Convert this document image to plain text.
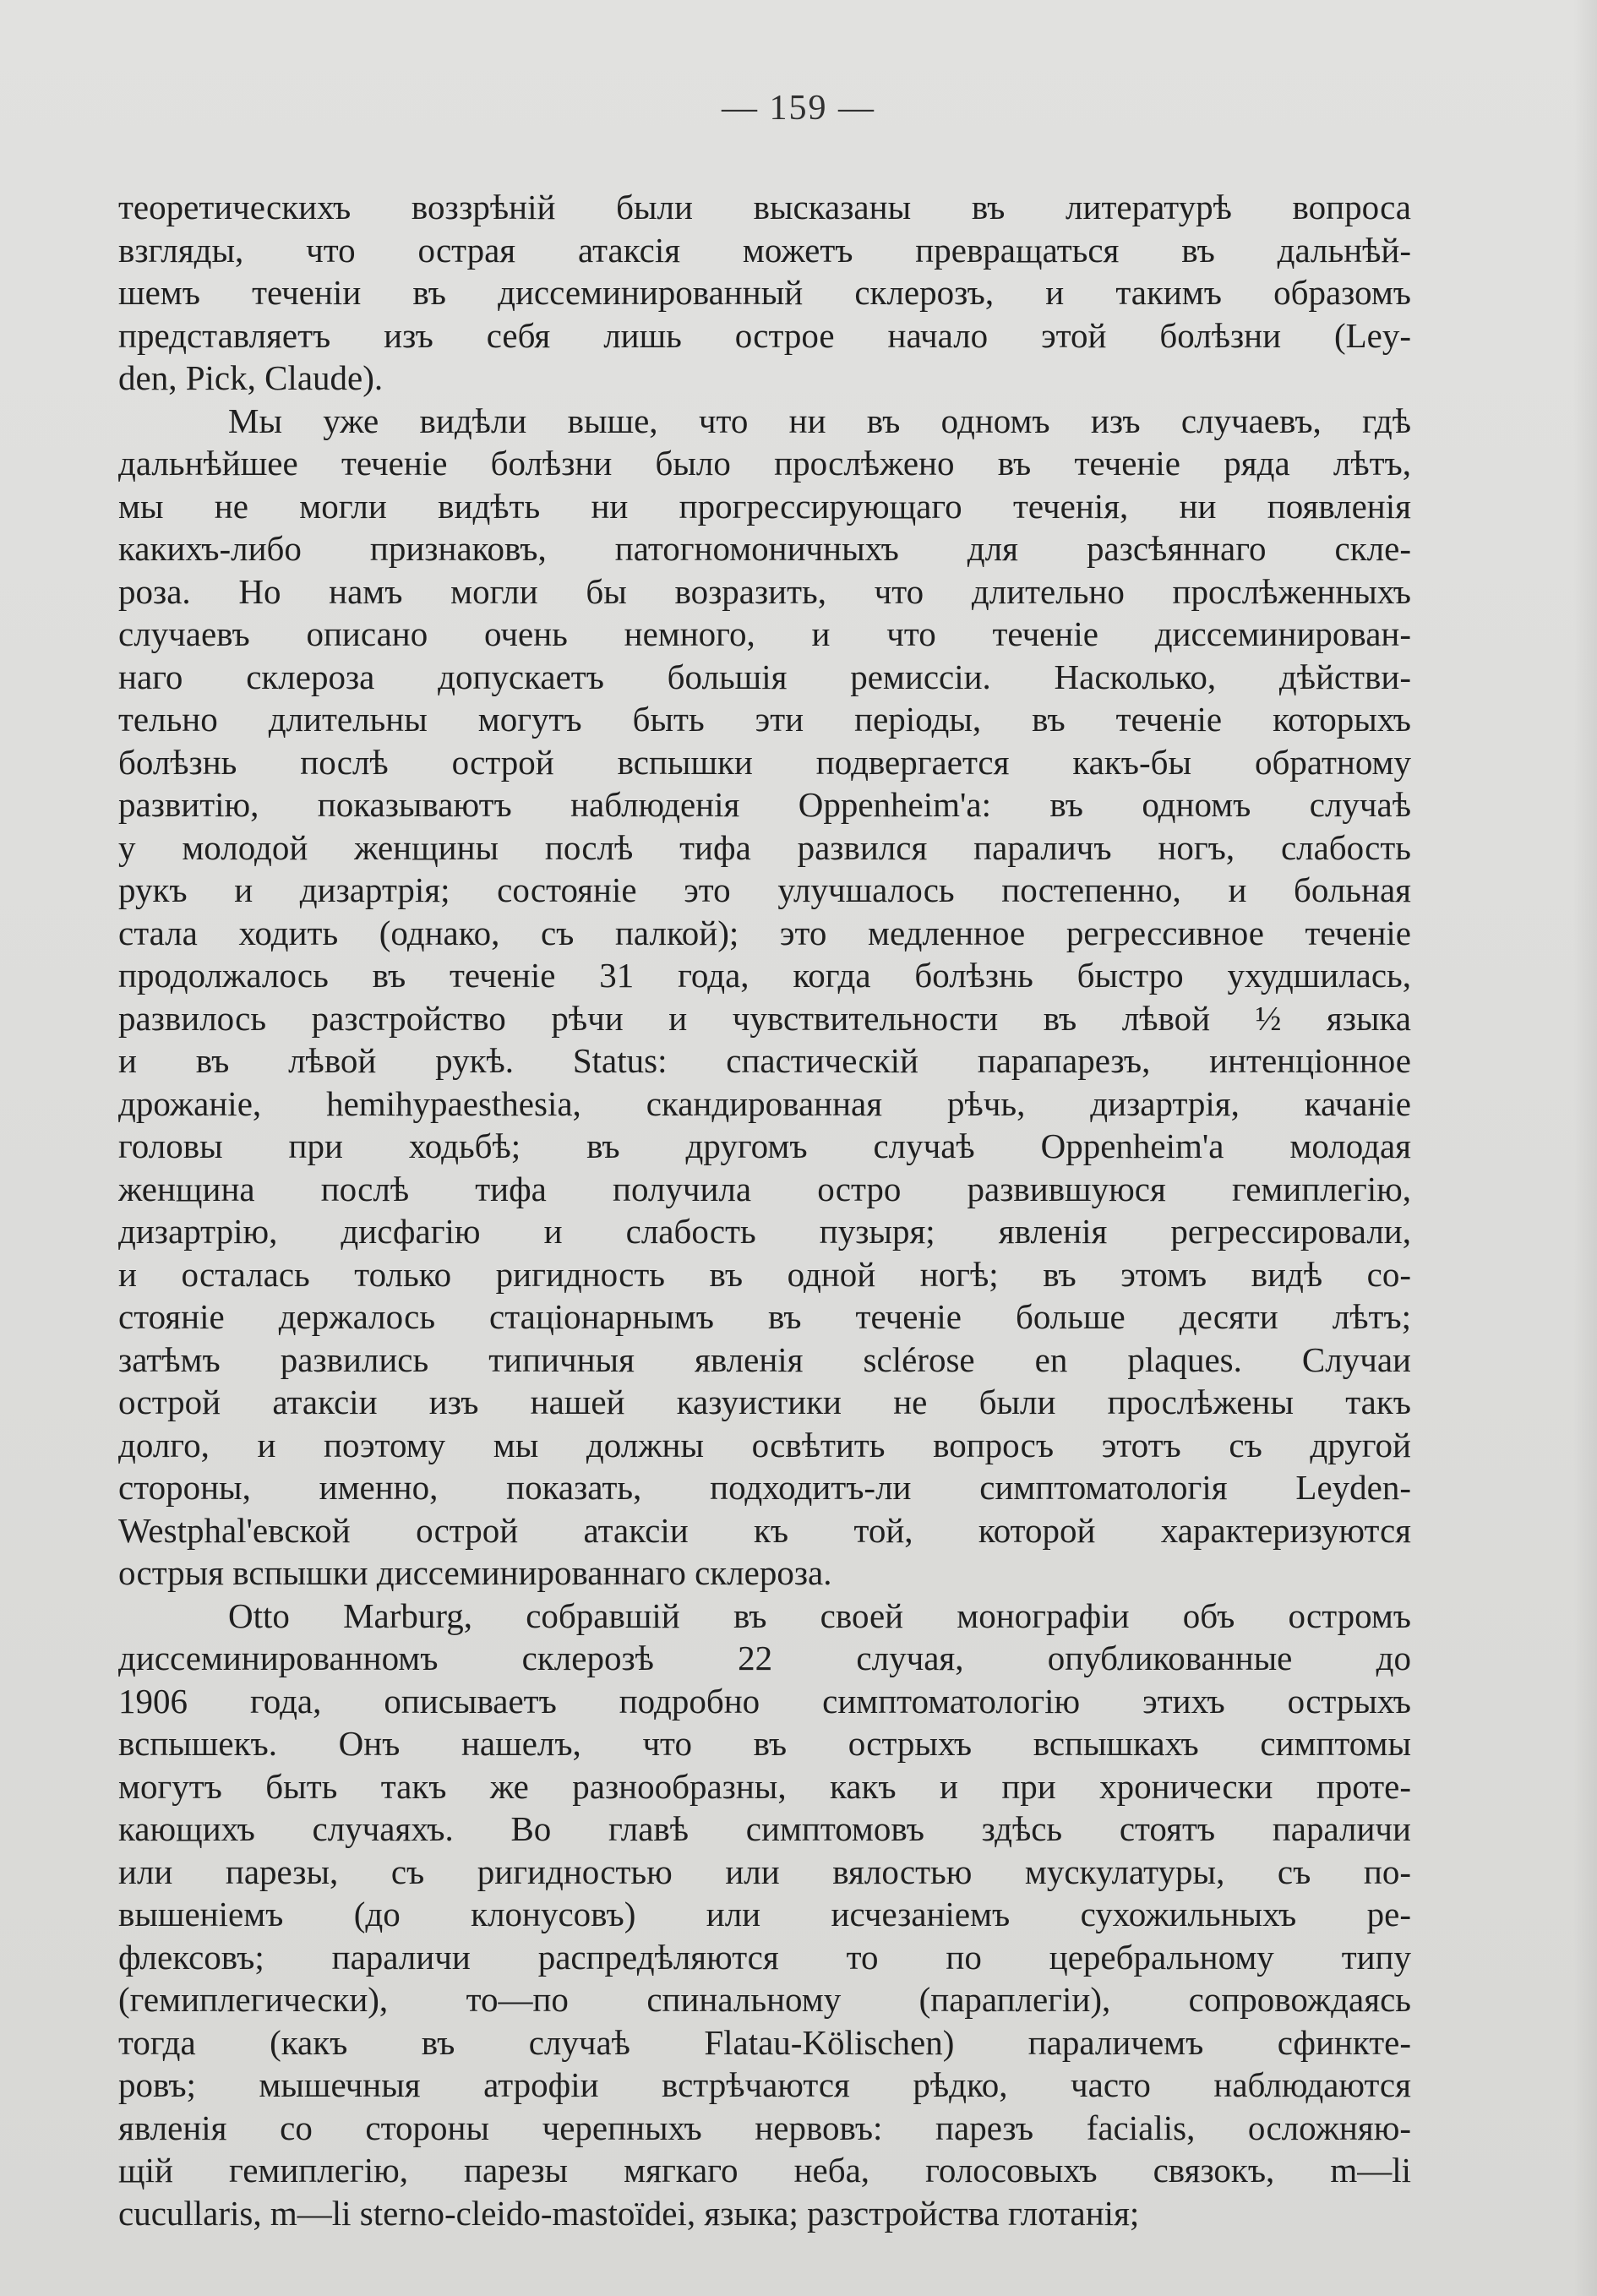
— 159 —
теоретическихъ воззрѣній были высказаны въ литературѣ вопроса
взгляды, что острая атаксія можетъ превращаться въ дальнѣй-
шемъ теченіи въ диссеминированный склерозъ, и такимъ образомъ
представляетъ изъ себя лишь острое начало этой болѣзни (Ley-
den, Pick, Claude).
Мы уже видѣли выше, что ни въ одномъ изъ случаевъ, гдѣ
дальнѣйшее теченіе болѣзни было прослѣжено въ теченіе ряда лѣтъ,
мы не могли видѣть ни прогрессирующаго теченія, ни появленія
какихъ-либо признаковъ, патогномоничныхъ для разсѣяннаго скле-
роза. Но намъ могли бы возразить, что длительно прослѣженныхъ
случаевъ описано очень немного, и что теченіе диссеминирован-
наго склероза допускаетъ большія ремиссіи. Насколько, дѣйстви-
тельно длительны могутъ быть эти періоды, въ теченіе которыхъ
болѣзнь послѣ острой вспышки подвергается какъ-бы обратному
развитію, показываютъ наблюденія Oppenheim'а: въ одномъ случаѣ
у молодой женщины послѣ тифа развился параличъ ногъ, слабость
рукъ и дизартрія; состояніе это улучшалось постепенно, и больная
стала ходить (однако, съ палкой); это медленное регрессивное теченіе
продолжалось въ теченіе 31 года, когда болѣзнь быстро ухудшилась,
развилось разстройство рѣчи и чувствительности въ лѣвой ½ языка
и въ лѣвой рукѣ. Status: спастическій парапарезъ, интенціонное
дрожаніе, hemihypaesthesia, скандированная рѣчь, дизартрія, качаніе
головы при ходьбѣ; въ другомъ случаѣ Oppenheim'а молодая
женщина послѣ тифа получила остро развившуюся гемиплегію,
дизартрію, дисфагію и слабость пузыря; явленія регрессировали,
и осталась только ригидность въ одной ногѣ; въ этомъ видѣ со-
стояніе держалось стаціонарнымъ въ теченіе больше десяти лѣтъ;
затѣмъ развились типичныя явленія sclérose en plaques. Случаи
острой атаксіи изъ нашей казуистики не были прослѣжены такъ
долго, и поэтому мы должны освѣтить вопросъ этотъ съ другой
стороны, именно, показать, подходитъ-ли симптоматологія Leyden-
Westphal'евской острой атаксіи къ той, которой характеризуются
острыя вспышки диссеминированнаго склероза.
Otto Marburg, собравшій въ своей монографіи объ остромъ
диссеминированномъ склерозѣ 22 случая, опубликованные до
1906 года, описываетъ подробно симптоматологію этихъ острыхъ
вспышекъ. Онъ нашелъ, что въ острыхъ вспышкахъ симптомы
могутъ быть такъ же разнообразны, какъ и при хронически проте-
кающихъ случаяхъ. Во главѣ симптомовъ здѣсь стоятъ параличи
или парезы, съ ригидностью или вялостью мускулатуры, съ по-
вышеніемъ (до клонусовъ) или исчезаніемъ сухожильныхъ ре-
флексовъ; параличи распредѣляются то по церебральному типу
(гемиплегически), то—по спинальному (параплегіи), сопровождаясь
тогда (какъ въ случаѣ Flatau-Kölischen) параличемъ сфинкте-
ровъ; мышечныя атрофіи встрѣчаются рѣдко, часто наблюдаются
явленія со стороны черепныхъ нервовъ: парезъ facialis, осложняю-
щій гемиплегію, парезы мягкаго неба, голосовыхъ связокъ, m—li
cucullaris, m—li sterno-cleido-mastoïdei, языка; разстройства глотанія;
